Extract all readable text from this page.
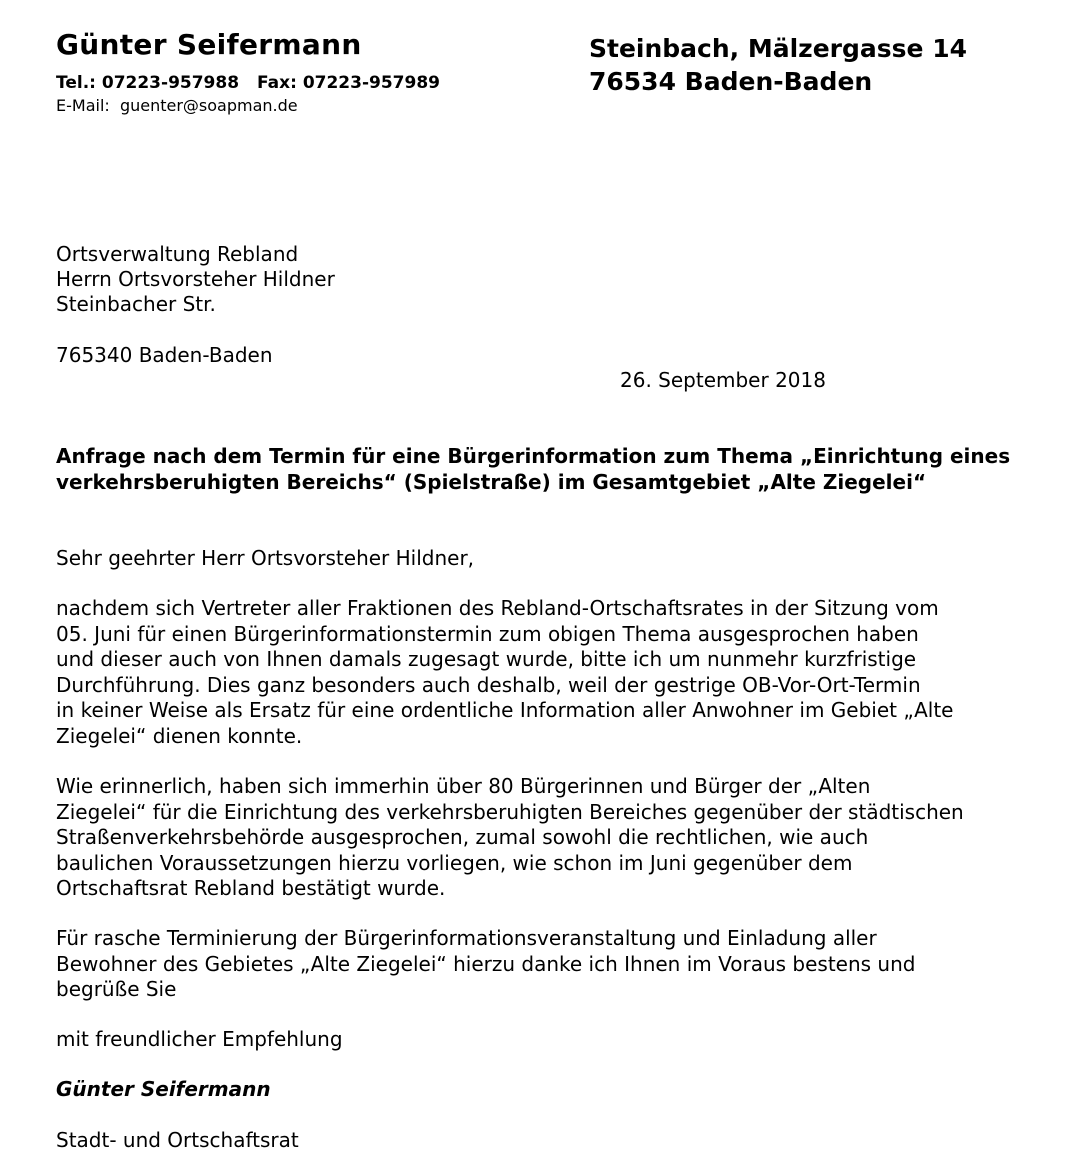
Günter Seifermann
Tel.: 07223-957988 Fax: 07223-957989
E-Mail: guenter@soapman.de
Steinbach, Mälzergasse 14
76534 Baden-Baden
Ortsverwaltung Rebland
Herrn Ortsvorsteher Hildner
Steinbacher Str.
765340 Baden-Baden
26. September 2018
Anfrage nach dem Termin für eine Bürgerinformation zum Thema „Einrichtung eines verkehrsberuhigten Bereichs“ (Spielstraße) im Gesamtgebiet „Alte Ziegelei“
Sehr geehrter Herr Ortsvorsteher Hildner,
nachdem sich Vertreter aller Fraktionen des Rebland-Ortschaftsrates in der Sitzung vom
05. Juni für einen Bürgerinformationstermin zum obigen Thema ausgesprochen haben
und dieser auch von Ihnen damals zugesagt wurde, bitte ich um nunmehr kurzfristige
Durchführung. Dies ganz besonders auch deshalb, weil der gestrige OB-Vor-Ort-Termin
in keiner Weise als Ersatz für eine ordentliche Information aller Anwohner im Gebiet „Alte
Ziegelei“ dienen konnte.
Wie erinnerlich, haben sich immerhin über 80 Bürgerinnen und Bürger der „Alten
Ziegelei“ für die Einrichtung des verkehrsberuhigten Bereiches gegenüber der städtischen
Straßenverkehrsbehörde ausgesprochen, zumal sowohl die rechtlichen, wie auch
baulichen Voraussetzungen hierzu vorliegen, wie schon im Juni gegenüber dem
Ortschaftsrat Rebland bestätigt wurde.
Für rasche Terminierung der Bürgerinformationsveranstaltung und Einladung aller
Bewohner des Gebietes „Alte Ziegelei“ hierzu danke ich Ihnen im Voraus bestens und
begrüße Sie
mit freundlicher Empfehlung
Günter Seifermann
Stadt- und Ortschaftsrat
